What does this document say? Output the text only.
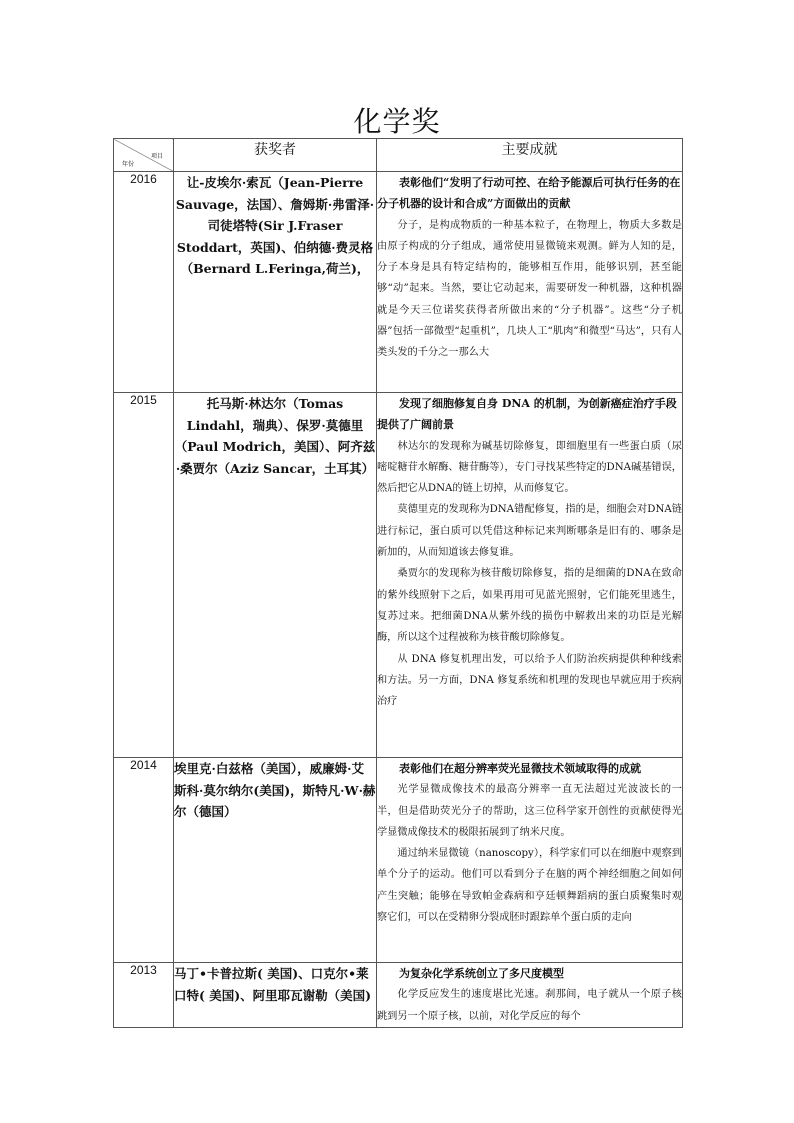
化学奖
项目
年份	获奖者	主要成就
2016	让-皮埃尔·索瓦（Jean-Pierre Sauvage，法国）、詹姆斯·弗雷泽·司徒塔特(Sir J.Fraser Stoddart，英国)、伯纳德·费灵格（Bernard L.Feringa,荷兰)，	表彰他们“发明了行动可控、在给予能源后可执行任务的在分子机器的设计和合成”方面做出的贡献
分子，是构成物质的一种基本粒子，在物理上，物质大多数是由原子构成的分子组成，通常使用显微镜来观测。鲜为人知的是，分子本身是具有特定结构的，能够相互作用，能够识别，甚至能够“动”起来。当然，要让它动起来，需要研发一种机器，这种机器就是今天三位诺奖获得者所做出来的“分子机器”。这些“分子机器”包括一部微型“起重机”，几块人工“肌肉”和微型“马达”，只有人类头发的千分之一那么大

2015	托马斯·林达尔（Tomas Lindahl，瑞典）、保罗·莫德里（Paul Modrich，美国）、阿齐兹·桑贾尔（Aziz Sancar，土耳其）	发现了细胞修复自身 DNA 的机制，为创新癌症治疗手段提供了广阔前景
林达尔的发现称为碱基切除修复，即细胞里有一些蛋白质（尿嘧啶糖苷水解酶、糖苷酶等），专门寻找某些特定的DNA碱基错误，然后把它从DNA的链上切掉，从而修复它。
莫德里克的发现称为DNA错配修复，指的是，细胞会对DNA链进行标记，蛋白质可以凭借这种标记来判断哪条是旧有的、哪条是新加的，从而知道该去修复谁。
桑贾尔的发现称为核苷酸切除修复，指的是细菌的DNA在致命的紫外线照射下之后，如果再用可见蓝光照射，它们能死里逃生，复苏过来。把细菌DNA从紫外线的损伤中解救出来的功臣是光解酶，所以这个过程被称为核苷酸切除修复。
从 DNA 修复机理出发，可以给予人们防治疾病提供种种线索和方法。另一方面，DNA 修复系统和机理的发现也早就应用于疾病治疗

2014	埃里克·白兹格（美国），威廉姆·艾斯科·莫尔纳尔(美国)，斯特凡·W·赫尔（德国）	表彰他们在超分辨率荧光显微技术领域取得的成就
光学显微成像技术的最高分辨率一直无法超过光波波长的一半，但是借助荧光分子的帮助，这三位科学家开创性的贡献使得光学显微成像技术的极限拓展到了纳米尺度。
通过纳米显微镜（nanoscopy），科学家们可以在细胞中观察到单个分子的运动。他们可以看到分子在脑的两个神经细胞之间如何产生突触；能够在导致帕金森病和亨廷顿舞蹈病的蛋白质聚集时观察它们，可以在受精卵分裂成胚时跟踪单个蛋白质的走向

2013	马丁•卡普拉斯( 美国)、口克尔•莱口特( 美国)、阿里耶瓦谢勒（美国)	为复杂化学系统创立了多尺度模型
化学反应发生的速度堪比光速。刹那间，电子就从一个原子核跳到另一个原子核，以前，对化学反应的每个
